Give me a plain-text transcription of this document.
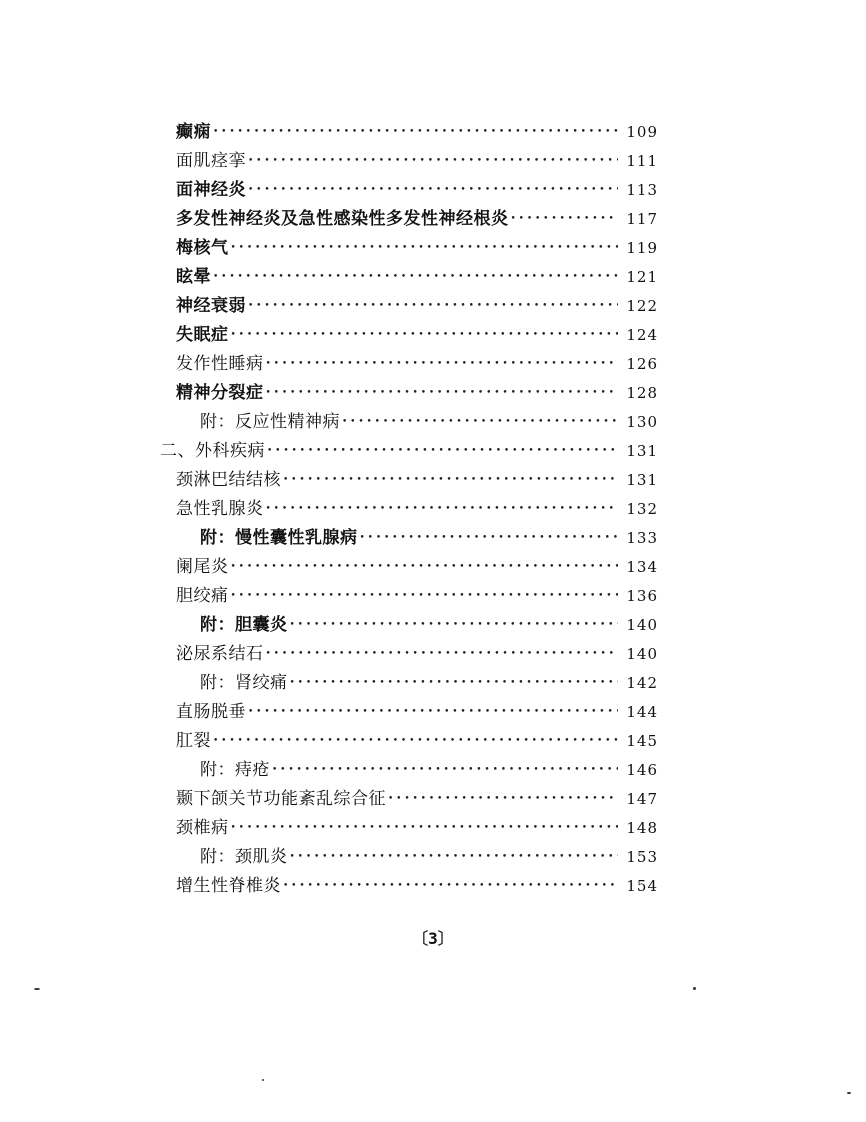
癫痫 • • •	109
面肌痉挛 • • •	111
面神经炎 • • •	113
多发性神经炎及急性感染性多发性神经根炎 • • •	117
梅核气 • • •	119
眩晕 • • •	121
神经衰弱 • • •	122
失眠症 • • •	124
发作性睡病 • • •	126
精神分裂症 • • •	128
附：反应性精神病 • • •	130
二、外科疾病 • • •	131
颈淋巴结结核 • • •	131
急性乳腺炎 • • •	132
附：慢性囊性乳腺病 • • •	133
阑尾炎 • • •	134
胆绞痛 • • •	136
附：胆囊炎 • • •	140
泌尿系结石 • • •	140
附：肾绞痛 • • •	142
直肠脱垂 • • •	144
肛裂 • • •	145
附：痔疮 • • •	146
颞下颌关节功能紊乱综合征 • • •	147
颈椎病 • • •	148
附：颈肌炎 • • •	153
增生性脊椎炎 • • •	154
〔3〕
